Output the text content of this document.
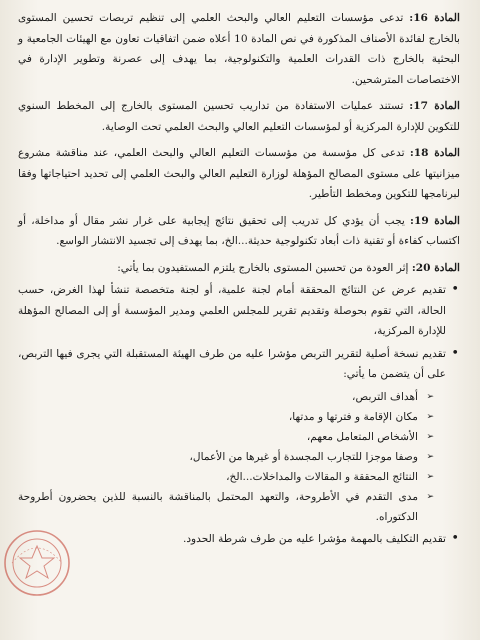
المادة 16: تدعى مؤسسات التعليم العالي والبحث العلمي إلى تنظيم تربصات تحسين المستوى بالخارج لفائدة الأصناف المذكورة في نص المادة 10 أعلاه ضمن اتفاقيات تعاون مع الهيئات الجامعية و البحثية بالخارج ذات القدرات العلمية والتكنولوجية، بما يهدف إلى عصرنة وتطوير الإدارة في الاختصاصات المترشحين.

المادة 17: تستند عمليات الاستفادة من تداريب تحسين المستوى بالخارج إلى المخطط السنوي للتكوين للإدارة المركزية أو لمؤسسات التعليم العالي والبحث العلمي تحت الوصاية.

المادة 18: تدعى كل مؤسسة من مؤسسات التعليم العالي والبحث العلمي، عند مناقشة مشروع ميزانيتها على مستوى المصالح المؤهلة لوزارة التعليم العالي والبحث العلمي إلى تحديد احتياجاتها وفقا لبرنامجها للتكوين ومخطط التأطير.

المادة 19: يجب أن يؤدي كل تدريب إلى تحقيق نتائج إيجابية على غرار نشر مقال أو مداخلة، أو اكتساب كفاءة أو تقنية ذات أبعاد تكنولوجية حديثة...الخ، بما يهدف إلى تجسيد الانتشار الواسع.

المادة 20: إثر العودة من تحسين المستوى بالخارج يلتزم المستفيدون بما يأتي:
• تقديم عرض عن النتائج المحققة أمام لجنة علمية، أو لجنة متخصصة تنشأ لهذا الغرض، حسب الحالة، التي تقوم بحوصلة وتقديم تقرير للمجلس العلمي ومدير المؤسسة أو إلى المصالح المؤهلة للإدارة المركزية،
• تقديم نسخة أصلية لتقرير التربص مؤشرا عليه من طرف الهيئة المستقبلة التي يجرى فيها التربص، على أن يتضمن ما يأتي:
➢ أهداف التربص،
➢ مكان الإقامة و فترتها و مدتها،
➢ الأشخاص المتعامل معهم،
➢ وصفا موجزا للتجارب المجسدة أو غيرها من الأعمال،
➢ النتائج المحققة و المقالات والمداخلات...الخ،
➢ مدى التقدم في الأطروحة، والتعهد المحتمل بالمناقشة بالنسبة للذين يحضرون أطروحة الدكتوراه.
• تقديم التكليف بالمهمة مؤشرا عليه من طرف شرطة الحدود.
